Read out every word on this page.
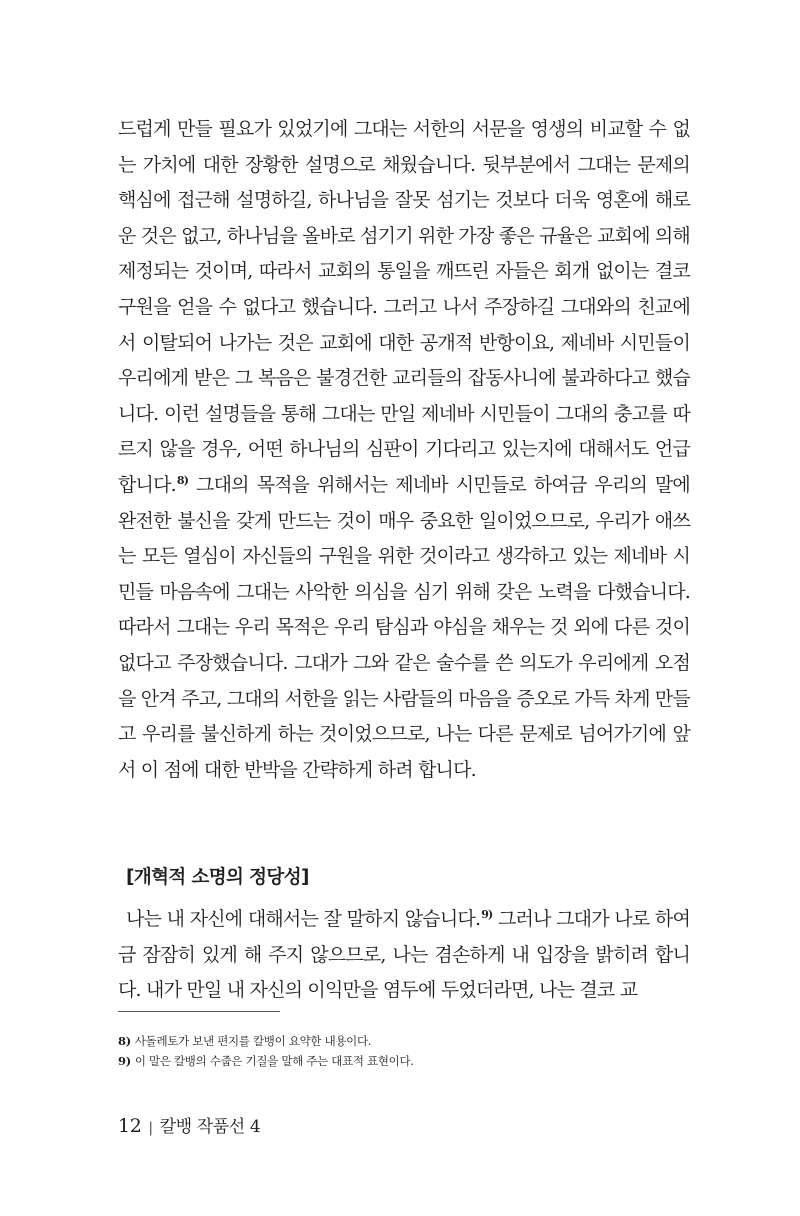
드럽게 만들 필요가 있었기에 그대는 서한의 서문을 영생의 비교할 수 없는 가치에 대한 장황한 설명으로 채웠습니다. 뒷부분에서 그대는 문제의 핵심에 접근해 설명하길, 하나님을 잘못 섬기는 것보다 더욱 영혼에 해로운 것은 없고, 하나님을 올바로 섬기기 위한 가장 좋은 규율은 교회에 의해 제정되는 것이며, 따라서 교회의 통일을 깨뜨린 자들은 회개 없이는 결코 구원을 얻을 수 없다고 했습니다. 그러고 나서 주장하길 그대와의 친교에서 이탈되어 나가는 것은 교회에 대한 공개적 반항이요, 제네바 시민들이 우리에게 받은 그 복음은 불경건한 교리들의 잡동사니에 불과하다고 했습니다. 이런 설명들을 통해 그대는 만일 제네바 시민들이 그대의 충고를 따르지 않을 경우, 어떤 하나님의 심판이 기다리고 있는지에 대해서도 언급합니다.$^{8)}$ 그대의 목적을 위해서는 제네바 시민들로 하여금 우리의 말에 완전한 불신을 갖게 만드는 것이 매우 중요한 일이었으므로, 우리가 애쓰는 모든 열심이 자신들의 구원을 위한 것이라고 생각하고 있는 제네바 시민들 마음속에 그대는 사악한 의심을 심기 위해 갖은 노력을 다했습니다. 따라서 그대는 우리 목적은 우리 탐심과 야심을 채우는 것 외에 다른 것이 없다고 주장했습니다. 그대가 그와 같은 술수를 쓴 의도가 우리에게 오점을 안겨 주고, 그대의 서한을 읽는 사람들의 마음을 증오로 가득 차게 만들고 우리를 불신하게 하는 것이었으므로, 나는 다른 문제로 넘어가기에 앞서 이 점에 대한 반박을 간략하게 하려 합니다.

[개혁적 소명의 정당성]

나는 내 자신에 대해서는 잘 말하지 않습니다.$^{9)}$ 그러나 그대가 나로 하여금 잠잠히 있게 해 주지 않으므로, 나는 겸손하게 내 입장을 밝히려 합니다. 내가 만일 내 자신의 이익만을 염두에 두었더라면, 나는 결코 교

8) 사돌레토가 보낸 편지를 칼뱅이 요약한 내용이다.
9) 이 말은 칼뱅의 수줍은 기질을 말해 주는 대표적 표현이다.
12 | 칼뱅 작품선 4
